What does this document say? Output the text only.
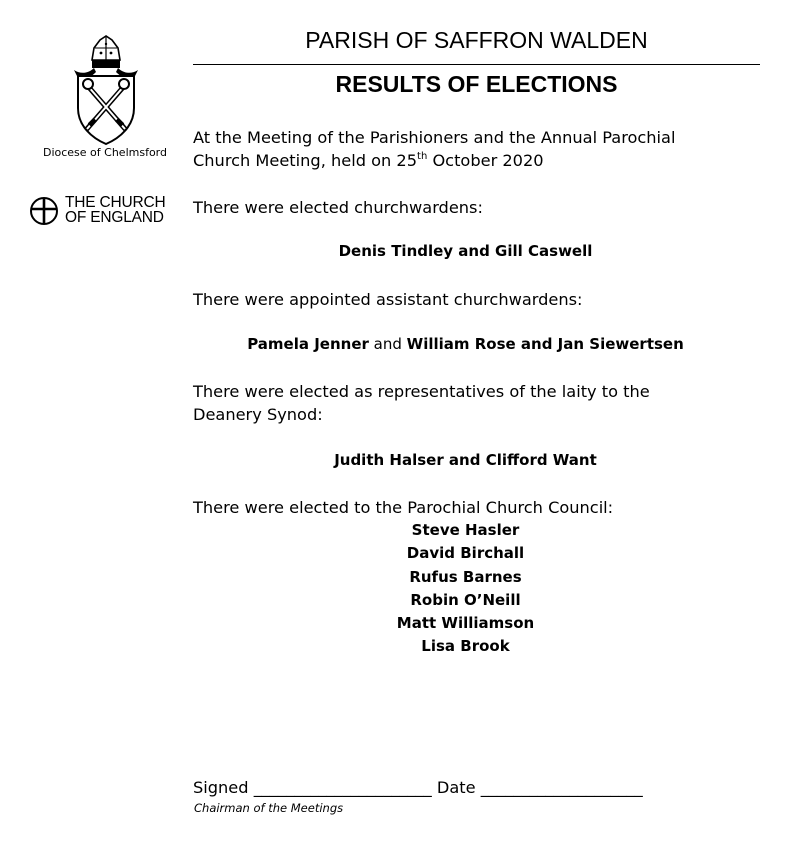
Diocese of Chelmsford
THE CHURCH
OF ENGLAND
PARISH OF SAFFRON WALDEN
RESULTS OF ELECTIONS
At the Meeting of the Parishioners and the Annual Parochial
Church Meeting, held on 25th October 2020
There were elected churchwardens:
Denis Tindley and Gill Caswell
There were appointed assistant churchwardens:
Pamela Jenner and William Rose and Jan Siewertsen
There were elected as representatives of the laity to the
Deanery Synod:
Judith Halser and Clifford Want
There were elected to the Parochial Church Council:
Steve Hasler
David Birchall
Rufus Barnes
Robin O’Neill
Matt Williamson
Lisa Brook
Signed ______________________ Date ____________________
Chairman of the Meetings
